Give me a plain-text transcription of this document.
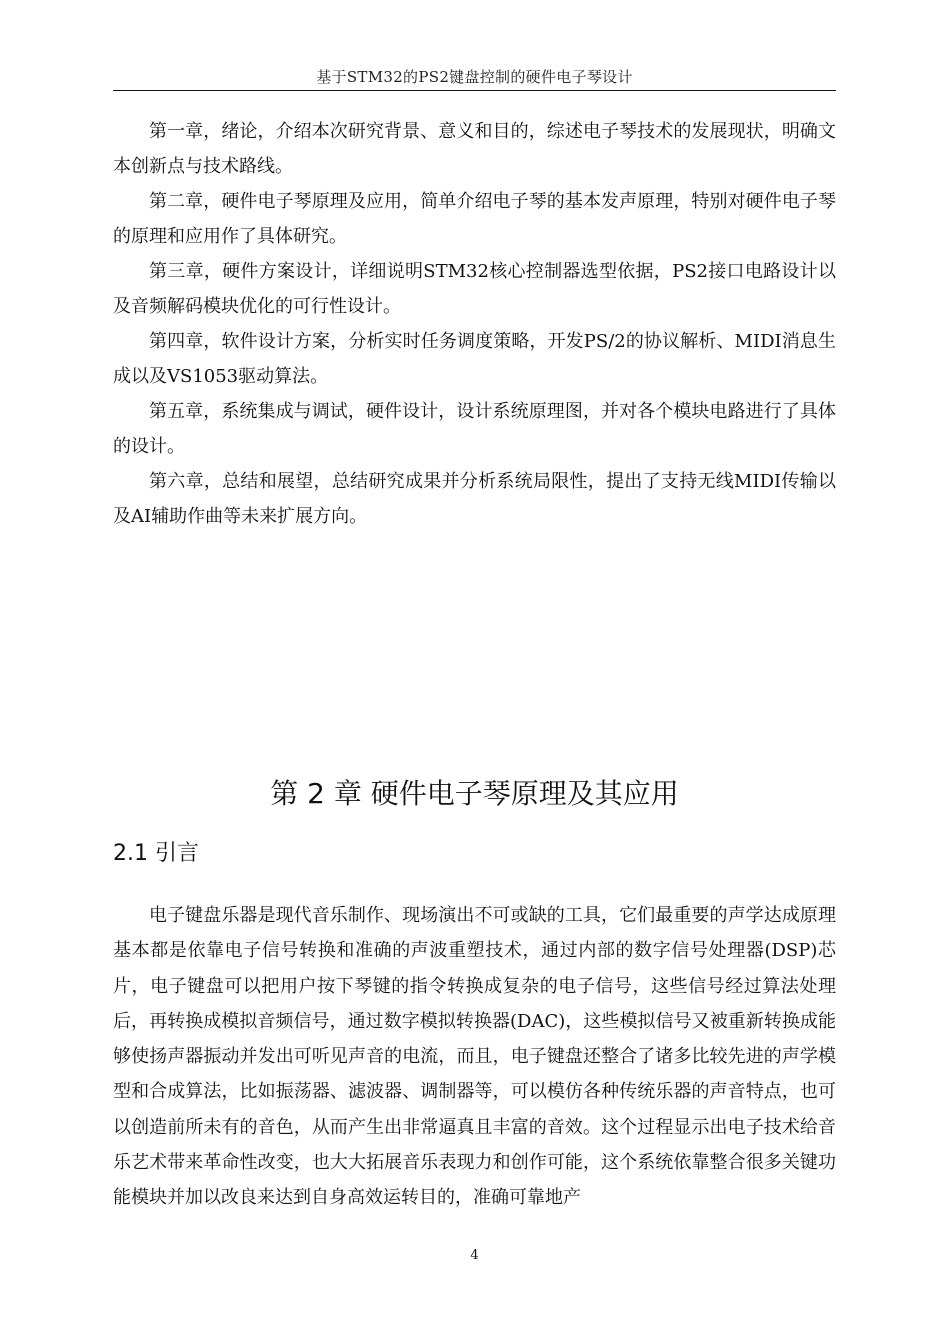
基于STM32的PS2键盘控制的硬件电子琴设计

第一章，绪论，介绍本次研究背景、意义和目的，综述电子琴技术的发展现状，明确文本创新点与技术路线。

第二章，硬件电子琴原理及应用，简单介绍电子琴的基本发声原理，特别对硬件电子琴的原理和应用作了具体研究。

第三章，硬件方案设计，详细说明STM32核心控制器选型依据，PS2接口电路设计以及音频解码模块优化的可行性设计。

第四章，软件设计方案，分析实时任务调度策略，开发PS/2的协议解析、MIDI消息生成以及VS1053驱动算法。

第五章，系统集成与调试，硬件设计，设计系统原理图，并对各个模块电路进行了具体的设计。

第六章，总结和展望，总结研究成果并分析系统局限性，提出了支持无线MIDI传输以及AI辅助作曲等未来扩展方向。

第 2 章 硬件电子琴原理及其应用
2.1 引言

电子键盘乐器是现代音乐制作、现场演出不可或缺的工具，它们最重要的声学达成原理基本都是依靠电子信号转换和准确的声波重塑技术，通过内部的数字信号处理器(DSP)芯片，电子键盘可以把用户按下琴键的指令转换成复杂的电子信号，这些信号经过算法处理后，再转换成模拟音频信号，通过数字模拟转换器(DAC)，这些模拟信号又被重新转换成能够使扬声器振动并发出可听见声音的电流，而且，电子键盘还整合了诸多比较先进的声学模型和合成算法，比如振荡器、滤波器、调制器等，可以模仿各种传统乐器的声音特点，也可以创造前所未有的音色，从而产生出非常逼真且丰富的音效。这个过程显示出电子技术给音乐艺术带来革命性改变，也大大拓展音乐表现力和创作可能，这个系统依靠整合很多关键功能模块并加以改良来达到自身高效运转目的，准确可靠地产

4
